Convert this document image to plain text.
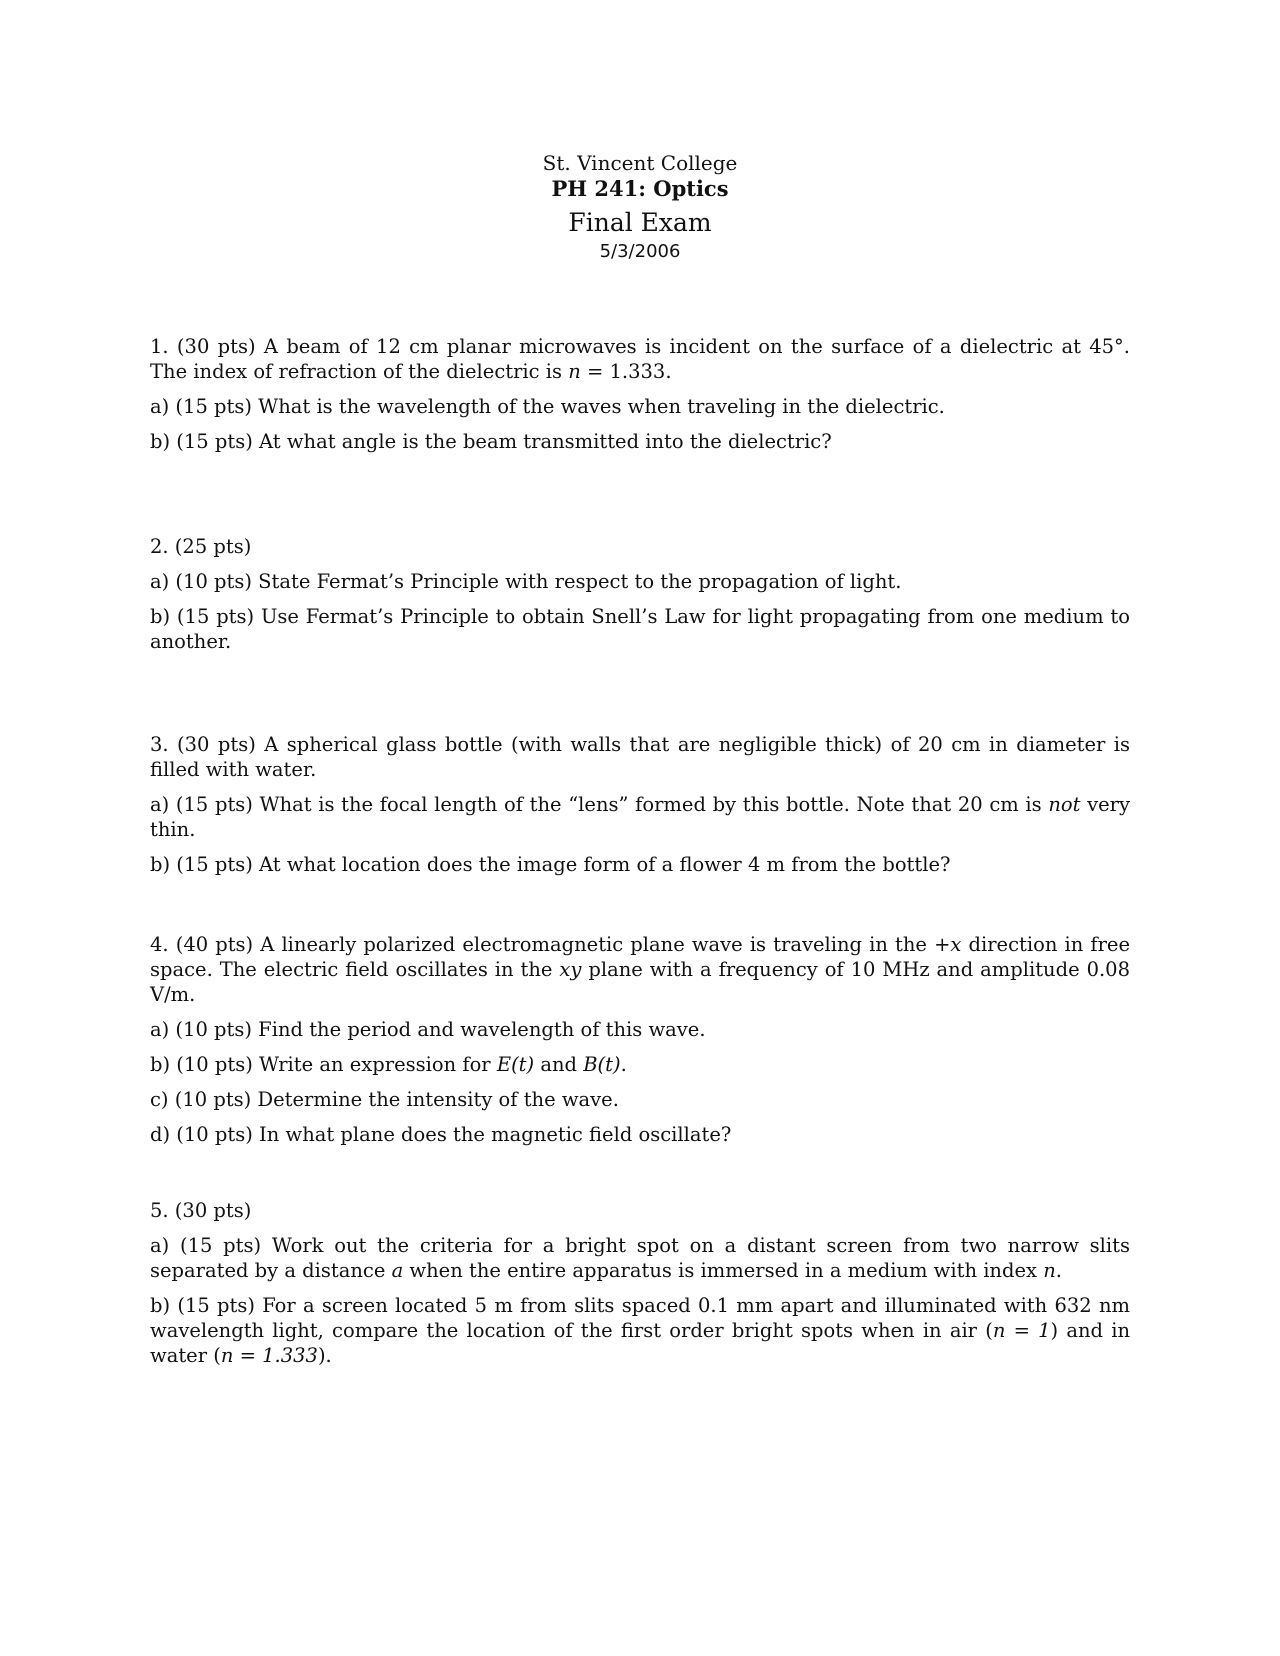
St. Vincent College
PH 241: Optics
Final Exam
5/3/2006

1. (30 pts) A beam of 12 cm planar microwaves is incident on the surface of a dielectric at 45°. The index of refraction of the dielectric is n = 1.333.

a) (15 pts) What is the wavelength of the waves when traveling in the dielectric.

b) (15 pts) At what angle is the beam transmitted into the dielectric?

2. (25 pts)

a) (10 pts) State Fermat’s Principle with respect to the propagation of light.

b) (15 pts) Use Fermat’s Principle to obtain Snell’s Law for light propagating from one medium to another.

3. (30 pts) A spherical glass bottle (with walls that are negligible thick) of 20 cm in diameter is filled with water.

a) (15 pts) What is the focal length of the “lens” formed by this bottle. Note that 20 cm is not very thin.

b) (15 pts) At what location does the image form of a flower 4 m from the bottle?

4. (40 pts) A linearly polarized electromagnetic plane wave is traveling in the +x direction in free space. The electric field oscillates in the xy plane with a frequency of 10 MHz and amplitude 0.08 V/m.

a) (10 pts) Find the period and wavelength of this wave.

b) (10 pts) Write an expression for E(t) and B(t).

c) (10 pts) Determine the intensity of the wave.

d) (10 pts) In what plane does the magnetic field oscillate?

5. (30 pts)

a) (15 pts) Work out the criteria for a bright spot on a distant screen from two narrow slits separated by a distance a when the entire apparatus is immersed in a medium with index n.

b) (15 pts) For a screen located 5 m from slits spaced 0.1 mm apart and illuminated with 632 nm wavelength light, compare the location of the first order bright spots when in air (n = 1) and in water (n = 1.333).
